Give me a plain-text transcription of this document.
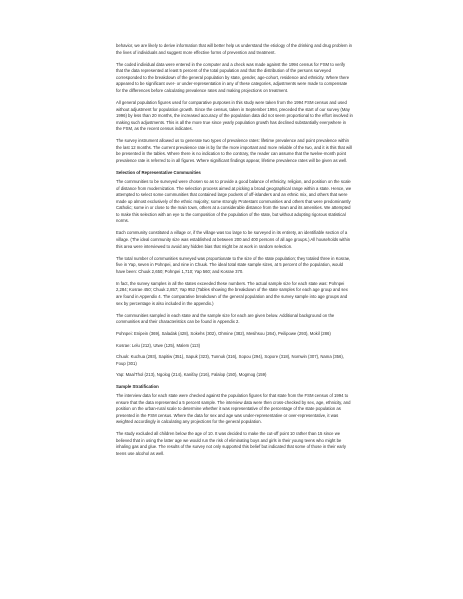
behavior, we are likely to derive information that will better help us understand the etiology of the drinking and drug problem in the lives of individuals and suggest more effective forms of prevention and treatment.

The coded individual data were entered in the computer and a check was made against the 1994 census for FSM to verify that the data represented at least 5 percent of the total population and that the distribution of the persons surveyed corresponded to the breakdown of the general population by state, gender, age-cohort, residence and ethnicity. Where there appeared to be significant over- or under-representation in any of these categories, adjustments were made to compensate for the differences before calculating prevalence rates and making projections on treatment.

All general population figures used for comparative purposes in this study were taken from the 1994 FSM census and used without adjustment for population growth. Since the census, taken in September 1994, preceded the start of our survey (May 1996) by less than 20 months, the increased accuracy of the population data did not seem proportional to the effort involved in making such adjustments. This is all the more true since yearly population growth has declined substantially everywhere in the FSM, as the recent census indicates.

The survey instrument allowed us to generate two types of prevalence rates: lifetime prevalence and point prevalence within the last 12 months. The current prevalence rate is by far the more important and more reliable of the two, and it is this that will be presented in the tables. Where there is no indication to the contrary, the reader can assume that the twelve-month point prevalence rate is referred to in all figures. Where significant findings appear, lifetime prevalence rates will be given as well.

Selection of Representative Communities

The communities to be surveyed were chosen so as to provide a good balance of ethnicity, religion, and position on the scale of distance from modernization. The selection process aimed at picking a broad geographical range within a state. Hence, we attempted to select some communities that contained large pockets of off-islanders and an ethnic mix, and others that were made up almost exclusively of the ethnic majority; some strongly Protestant communities and others that were predominantly Catholic; some in or close to the main town, others at a considerable distance from the town and its amenities. We attempted to make this selection with an eye to the composition of the population of the state, but without adopting rigorous statistical norms.

Each community constituted a village or, if the village was too large to be surveyed in its entirety, an identifiable section of a village. (The ideal community size was established at between 200 and 400 persons of all age groups.) All households within this area were interviewed to avoid any hidden bias that might be at work in random selection.

The total number of communities surveyed was proportionate to the size of the state population; they totaled three in Kosrae, five in Yap, seven in Pohnpei, and nine in Chuuk. The ideal total state sample sizes, at 5 percent of the population, would have been: Chuuk 2,650; Pohnpei 1,710; Yap 560; and Kosrae 370.

In fact, the survey samples in all the states exceeded these numbers. The actual sample size for each state was: Pohnpei 2,284; Kosrae 450; Chuuk 2,857; Yap 952 (Tables showing the breakdown of the state samples for each age group and sex are found in Appendix 4. The comparative breakdown of the general population and the survey sample into age groups and sex by percentage is also included in the appendix.)

The communities sampled in each state and the sample size for each are given below. Additional background on the communities and their characteristics can be found in Appendix 2.

Pohnpei: Enipein (369), Saladak (428), Sokehs (302), Ohmine (382), Mesihsou (264), Peilipowe (293), Mokil (286)

Kosrae: Lelu (212), Utwe (125), Malem (113)

Chuuk: Kuchua (293), Sapitiw (351), Sapuk (323), Tunnuk (316), Sopou (294), Sopore (318), Nomwin (307), Nama (356), Foup (301)

Yap: Maa/Thol (213), Ngolog (214), Kanifay (216), Falalop (150), Mogmog (159)

Sample Stratification

The interview data for each state were checked against the population figures for that state from the FSM census of 1994 to ensure that the data represented a 5 percent sample. The interview data were then cross-checked by sex, age, ethnicity, and position on the urban-rural scale to determine whether it was representative of the percentage of the state population as presented in the FSM census. Where the data for sex and age was under-representative or over-representative, it was weighted accordingly in calculating any projections for the general population.

The study excluded all children below the age of 10. It was decided to make the cut-off point 10 rather than 15 since we believed that in using the latter age we would run the risk of eliminating boys and girls in their young teens who might be inhaling gas and glue. The results of the survey not only supported this belief but indicated that some of those in their early teens use alcohol as well.
